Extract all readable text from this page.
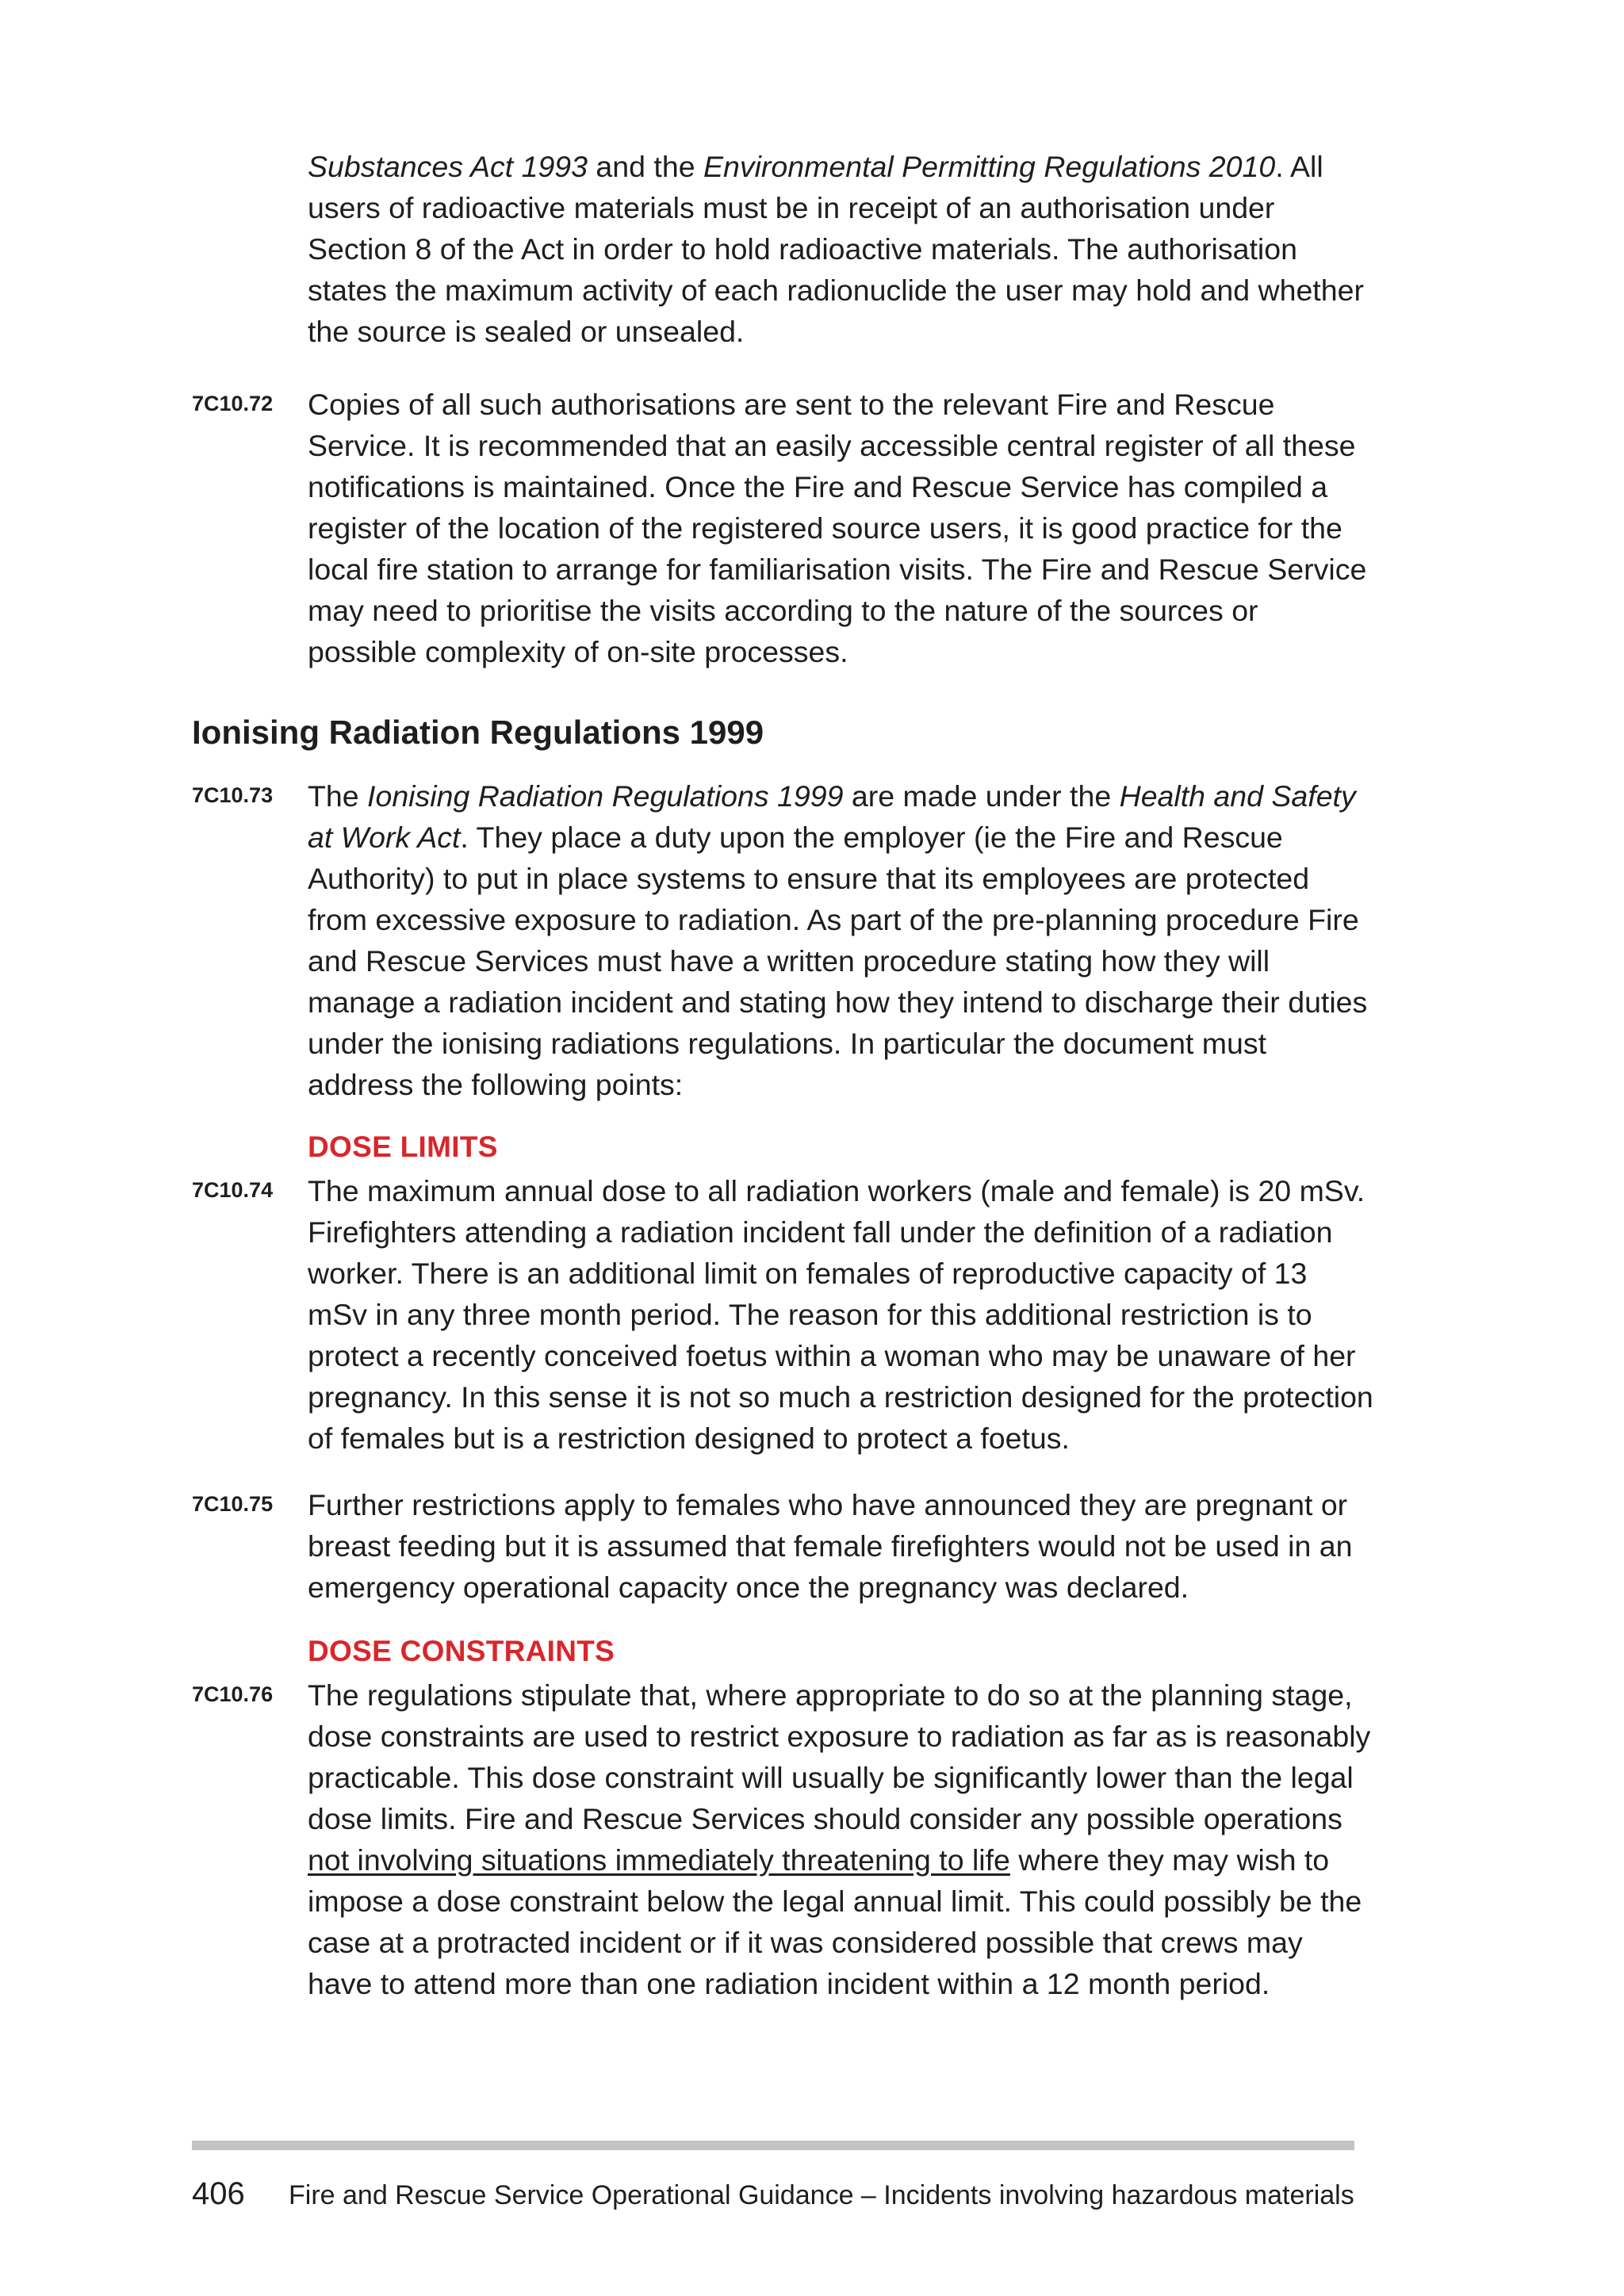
Substances Act 1993 and the Environmental Permitting Regulations 2010. All users of radioactive materials must be in receipt of an authorisation under Section 8 of the Act in order to hold radioactive materials. The authorisation states the maximum activity of each radionuclide the user may hold and whether the source is sealed or unsealed.
7C10.72 Copies of all such authorisations are sent to the relevant Fire and Rescue Service. It is recommended that an easily accessible central register of all these notifications is maintained. Once the Fire and Rescue Service has compiled a register of the location of the registered source users, it is good practice for the local fire station to arrange for familiarisation visits. The Fire and Rescue Service may need to prioritise the visits according to the nature of the sources or possible complexity of on-site processes.
Ionising Radiation Regulations 1999
7C10.73 The Ionising Radiation Regulations 1999 are made under the Health and Safety at Work Act. They place a duty upon the employer (ie the Fire and Rescue Authority) to put in place systems to ensure that its employees are protected from excessive exposure to radiation. As part of the pre-planning procedure Fire and Rescue Services must have a written procedure stating how they will manage a radiation incident and stating how they intend to discharge their duties under the ionising radiations regulations. In particular the document must address the following points:
DOSE LIMITS
7C10.74 The maximum annual dose to all radiation workers (male and female) is 20 mSv. Firefighters attending a radiation incident fall under the definition of a radiation worker. There is an additional limit on females of reproductive capacity of 13 mSv in any three month period. The reason for this additional restriction is to protect a recently conceived foetus within a woman who may be unaware of her pregnancy. In this sense it is not so much a restriction designed for the protection of females but is a restriction designed to protect a foetus.
7C10.75 Further restrictions apply to females who have announced they are pregnant or breast feeding but it is assumed that female firefighters would not be used in an emergency operational capacity once the pregnancy was declared.
DOSE CONSTRAINTS
7C10.76 The regulations stipulate that, where appropriate to do so at the planning stage, dose constraints are used to restrict exposure to radiation as far as is reasonably practicable. This dose constraint will usually be significantly lower than the legal dose limits. Fire and Rescue Services should consider any possible operations not involving situations immediately threatening to life where they may wish to impose a dose constraint below the legal annual limit. This could possibly be the case at a protracted incident or if it was considered possible that crews may have to attend more than one radiation incident within a 12 month period.
406 Fire and Rescue Service Operational Guidance – Incidents involving hazardous materials
